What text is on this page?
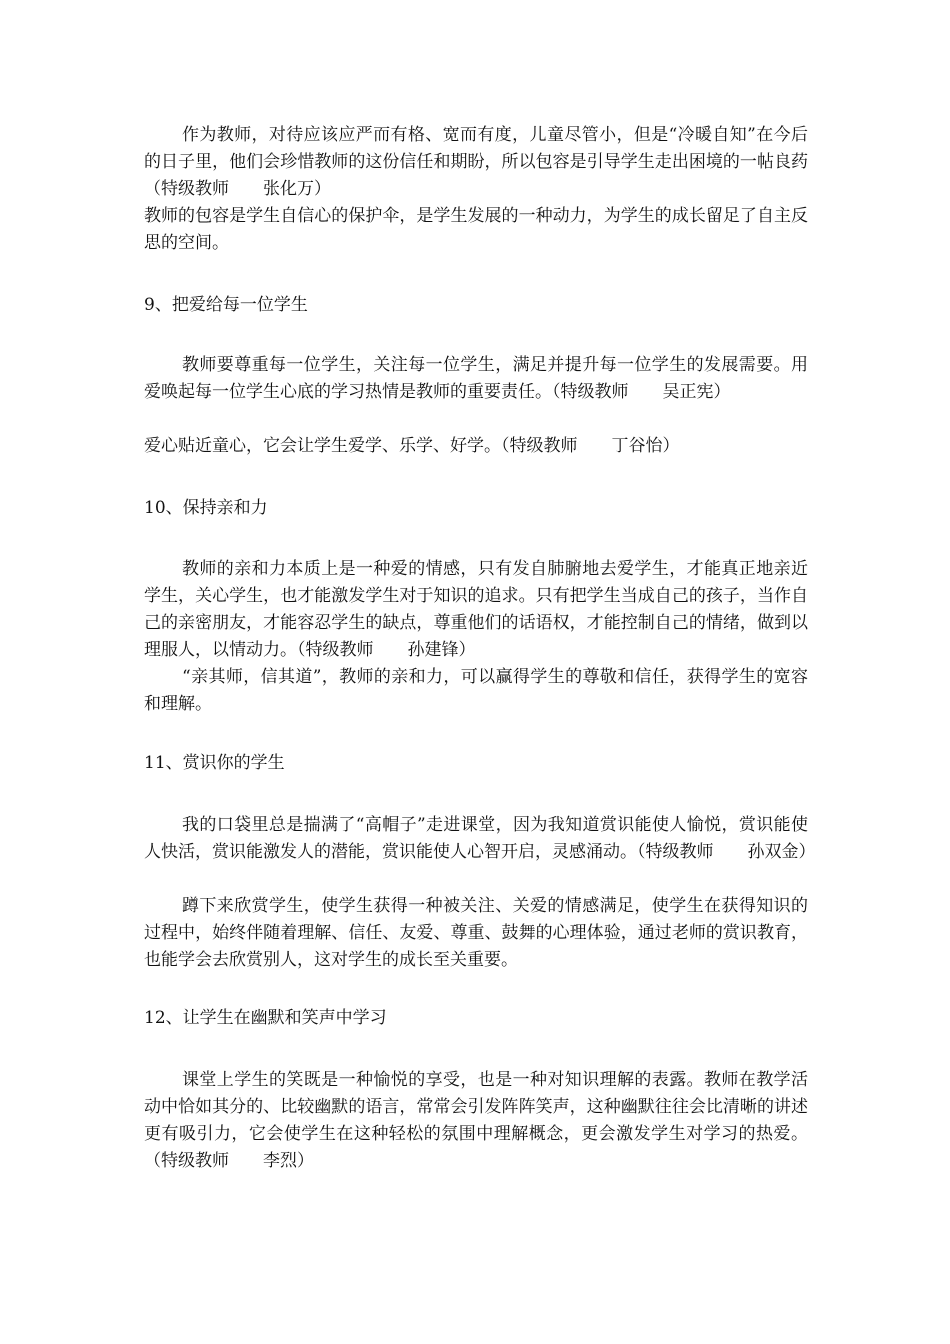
作为教师，对待应该应严而有格、宽而有度，儿童尽管小，但是“冷暖自知”在今后的日子里，他们会珍惜教师的这份信任和期盼，所以包容是引导学生走出困境的一帖良药（特级教师　　张化万）

教师的包容是学生自信心的保护伞，是学生发展的一种动力，为学生的成长留足了自主反思的空间。

9、把爱给每一位学生

教师要尊重每一位学生，关注每一位学生，满足并提升每一位学生的发展需要。用爱唤起每一位学生心底的学习热情是教师的重要责任。（特级教师　　吴正宪）

爱心贴近童心，它会让学生爱学、乐学、好学。（特级教师　　丁谷怡）

10、保持亲和力

教师的亲和力本质上是一种爱的情感，只有发自肺腑地去爱学生，才能真正地亲近学生，关心学生，也才能激发学生对于知识的追求。只有把学生当成自己的孩子，当作自己的亲密朋友，才能容忍学生的缺点，尊重他们的话语权，才能控制自己的情绪，做到以理服人，以情动力。（特级教师　　孙建锋）

“亲其师，信其道”，教师的亲和力，可以赢得学生的尊敬和信任，获得学生的宽容和理解。

11、赏识你的学生

我的口袋里总是揣满了“高帽子”走进课堂，因为我知道赏识能使人愉悦，赏识能使人快活，赏识能激发人的潜能，赏识能使人心智开启，灵感涌动。（特级教师　　孙双金）

蹲下来欣赏学生，使学生获得一种被关注、关爱的情感满足，使学生在获得知识的过程中，始终伴随着理解、信任、友爱、尊重、鼓舞的心理体验，通过老师的赏识教育，也能学会去欣赏别人，这对学生的成长至关重要。

12、让学生在幽默和笑声中学习

课堂上学生的笑既是一种愉悦的享受，也是一种对知识理解的表露。教师在教学活动中恰如其分的、比较幽默的语言，常常会引发阵阵笑声，这种幽默往往会比清晰的讲述更有吸引力，它会使学生在这种轻松的氛围中理解概念，更会激发学生对学习的热爱。（特级教师　　李烈）
